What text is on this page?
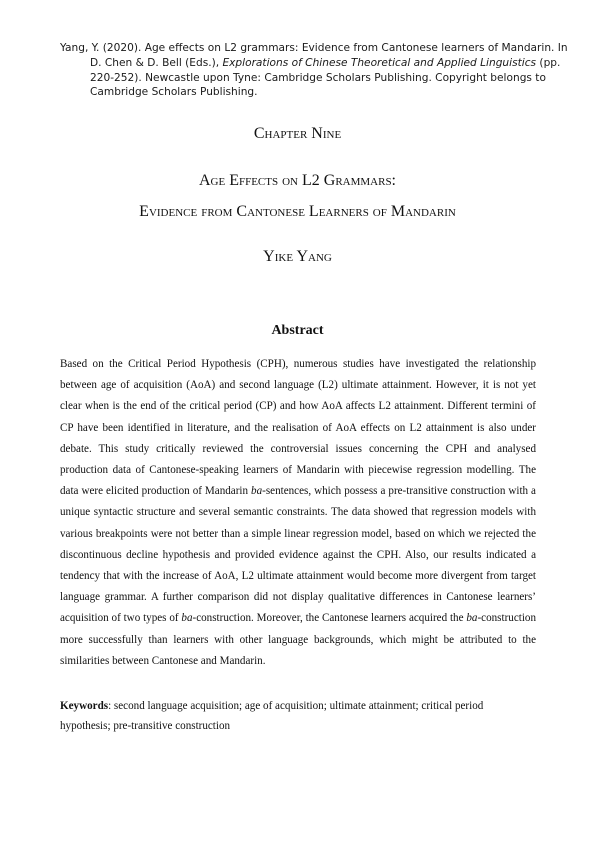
Yang, Y. (2020). Age effects on L2 grammars: Evidence from Cantonese learners of Mandarin. In D. Chen & D. Bell (Eds.), Explorations of Chinese Theoretical and Applied Linguistics (pp. 220-252). Newcastle upon Tyne: Cambridge Scholars Publishing. Copyright belongs to Cambridge Scholars Publishing.
Chapter Nine
Age Effects on L2 Grammars:
Evidence from Cantonese Learners of Mandarin
Yike Yang
Abstract
Based on the Critical Period Hypothesis (CPH), numerous studies have investigated the relationship between age of acquisition (AoA) and second language (L2) ultimate attainment. However, it is not yet clear when is the end of the critical period (CP) and how AoA affects L2 attainment. Different termini of CP have been identified in literature, and the realisation of AoA effects on L2 attainment is also under debate. This study critically reviewed the controversial issues concerning the CPH and analysed production data of Cantonese-speaking learners of Mandarin with piecewise regression modelling. The data were elicited production of Mandarin ba-sentences, which possess a pre-transitive construction with a unique syntactic structure and several semantic constraints. The data showed that regression models with various breakpoints were not better than a simple linear regression model, based on which we rejected the discontinuous decline hypothesis and provided evidence against the CPH. Also, our results indicated a tendency that with the increase of AoA, L2 ultimate attainment would become more divergent from target language grammar. A further comparison did not display qualitative differences in Cantonese learners’ acquisition of two types of ba-construction. Moreover, the Cantonese learners acquired the ba-construction more successfully than learners with other language backgrounds, which might be attributed to the similarities between Cantonese and Mandarin.
Keywords: second language acquisition; age of acquisition; ultimate attainment; critical period hypothesis; pre-transitive construction
